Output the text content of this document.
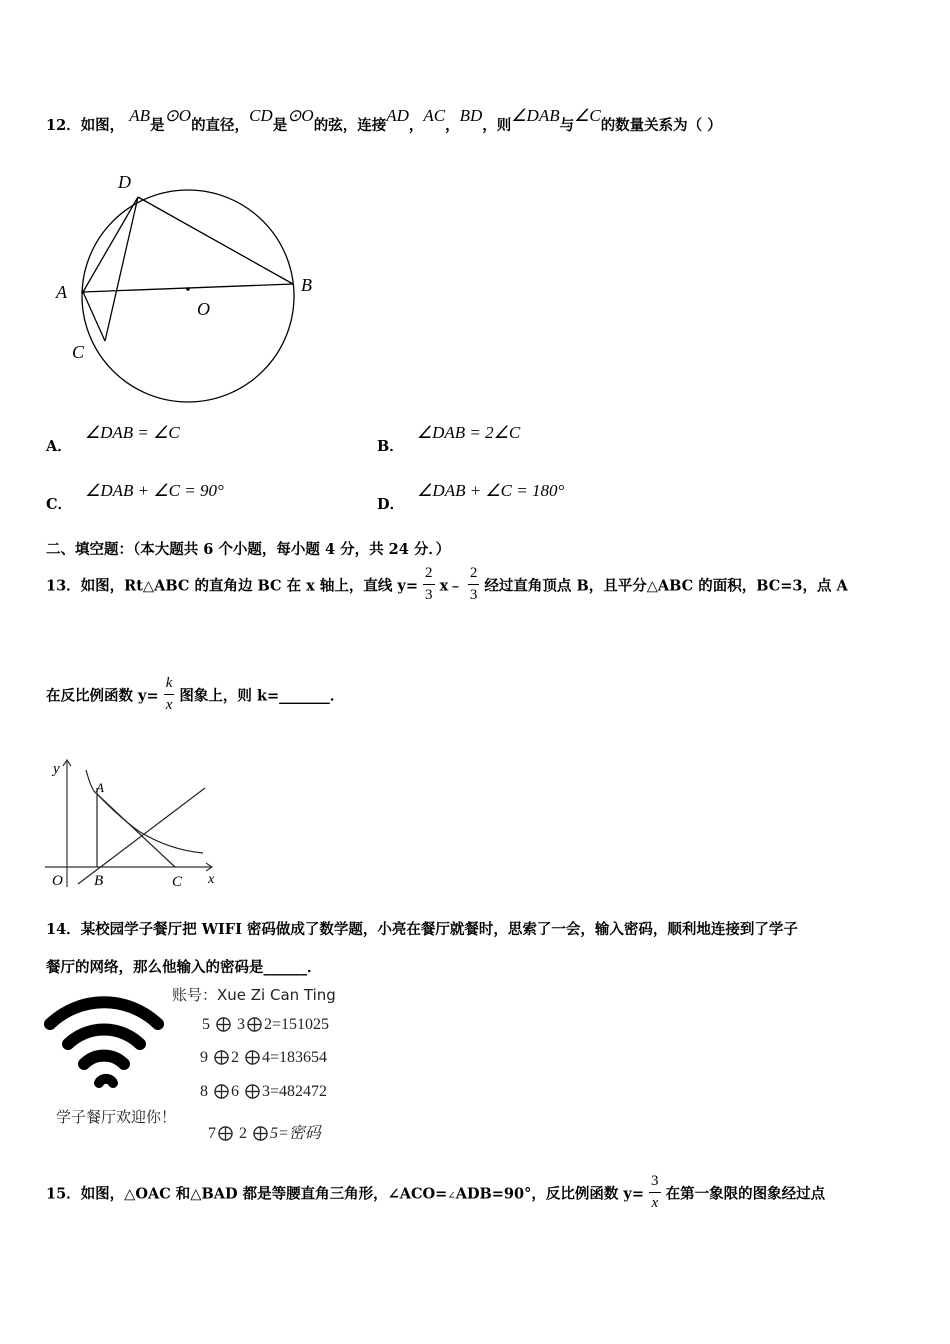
12．如图， AB是⊙O的直径，CD是⊙O的弦，连接AD，AC，BD，则∠DAB与∠C的数量关系为（ ）
D
A	B
C
O
A． ∠DAB = ∠C
B． ∠DAB = 2∠C
C． ∠DAB + ∠C = 90°
D． ∠DAB + ∠C = 180°
二、填空题：（本大题共 6 个小题，每小题 4 分，共 24 分．）
13．如图，Rt△ABC 的直角边 BC 在 x 轴上，直线 $y= \frac{2}{3}$ x﹣ $\frac{2}{3}$ 经过直角顶点 B，且平分△ABC 的面积，BC=3，点 A
在反比例函数 $y= \frac{k}{x}$ 图象上，则 k=_______．
y
A
O B	C x
14．某校园学子餐厅把 WIFI 密码做成了数学题，小亮在餐厅就餐时，思索了一会，输入密码，顺利地连接到了学子
餐厅的网络，那么他输入的密码是______．
账号：Xue Zi Can Ting
学子餐厅欢迎你！
5 3 2=151025
9 2 4=183654
8 6 3=482472
7 2 5=密码
15．如图，△OAC 和△BAD 都是等腰直角三角形，∠ACO=∠ADB=90°，反比例函数 $y= \frac{3}{x}$ 在第一象限的图象经过点
